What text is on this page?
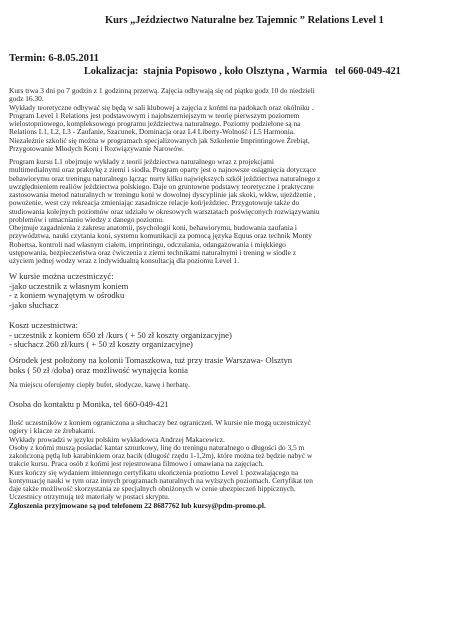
Kurs „Jeździectwo Naturalne bez Tajemnic ” Relations Level 1
Termin: 6-8.05.2011
Lokalizacja: stajnia Popisowo , koło Olsztyna , Warmia tel 660-049-421

Kurs trwa 3 dni po 7 godzin z 1 godzinną przerwą. Zajęcia odbywają się od piątku godz 10 do niedzieli

godz 16.30.

Wykłady teoretyczne odbywać się będą w sali klubowej a zajęcia z końmi na padokach oraz okólniku .

Program Level 1 Relations jest podstawowym i najobszerniejszym w teorię pierwszym poziomem

wielostopniowego, kompleksowego programu jeździectwa naturalnego. Poziomy podzielone są na

Relations L1, L2, L3 - Zaufanie, Szacunek, Dominacja oraz L4 Liberty-Wolność i L5 Harmonia.

Niezależnie szkolić się można w programach specjalizowanych jak Szkolenie Imprintingowe Źrebiąt,

Przygotowanie Młodych Koni i Rozwiązywanie Narowów.

Program kursu L1 obejmuje wykłady z teorii jeździectwa naturalnego wraz z projekcjami

multimedialnymi oraz praktykę z ziemi i siodła. Program oparty jest o najnowsze osiągnięcia dotyczące

behawiorymu oraz treningu naturalnego łącząc nurty kilku największych szkół jeździectwa naturalnego z

uwzględnieniem realiów jeździectwa polskiego. Daje on gruntowne podstawy teoretyczne i praktyczne

zastosowania metod naturalnych w treningu koni w dowolnej dyscyplinie jak skoki, wkkw, ujeżdżenie ,

powożenie, west czy rekreacja zmieniając zasadnicze relacje koń/jeździec. Przygotowuje także do

studiowania kolejnych poziomów oraz udziału w okresowych warsztatach poświęconych rozwiązywaniu

problemów i umacnianiu wiedzy z danego poziomu.

Obejmuje zagadnienia z zakresu anatomii, psychologii koni, behawiorymu, budowania zaufania i

przywództwa, nauki czytania koni, systemu komunikacji za pomocą języka Equus oraz technik Monty

Robertsa, kontroli nad własnym ciałem, imprintingu, odczulania, odangażowania i miękkiego

ustępowania, bezpieczeństwa oraz ćwiczenia z ziemi technikami naturalnymi i trening w siodle z

użyciem jednej wodzy wraz z indywidualną konsultacją dla poziomu Level 1.

W kursie można uczestniczyć:

-jako uczestnik z własnym koniem

- z koniem wynajętym w ośrodku

-jako słuchacz

Koszt uczestnictwa:

- uczestnik z koniem 650 zł /kurs ( + 50 zł koszty organizacyjne)

- słuchacz 260 zł/kurs ( + 50 zł koszty organizacyjne)

Ośrodek jest położony na kolonii Tomaszkowa, tuż przy trasie Warszawa- Olsztyn

boks ( 50 zł /doba) oraz możliwość wynajęcia konia

Na miejscu oferujemy ciepły bufet, słodycze, kawę i herbatę.

Osoba do kontaktu p Monika, tel 660-049-421

Ilość uczestników z koniem ograniczona a słuchaczy bez ograniczeń. W kursie nie mogą uczestniczyć

ogiery i klacze ze źrebakami.

Wykłady prowadzi w języku polskim wykładowca Andrzej Makacewicz.

Osoby z końmi muszą posiadać kantar sznurkowy, linę do treningu naturalnego o długości do 3,5 m

zakończoną pętlą lub karabinkiem oraz bacik (długość rzędu 1-1,2m), które można też będzie nabyć w

trakcie kursu. Praca osób z końmi jest rejestrowana filmowo i omawiana na zajęciach.

Kurs kończy się wydaniem imiennego certyfikatu ukończenia poziomu Level 1 pozwalającego na

kontynuację nauki w tym oraz innych programach naturalnych na wyższych poziomach. Certyfikat ten

daje także możliwość skorzystania ze specjalnych obniżonych w cenie ubezpieczeń hippicznych.

Uczestnicy otrzymują też materiały w postaci skryptu.

Zgłoszenia przyjmowane są pod telefonem 22 8687762 lub kursy@pdm-promo.pl.
